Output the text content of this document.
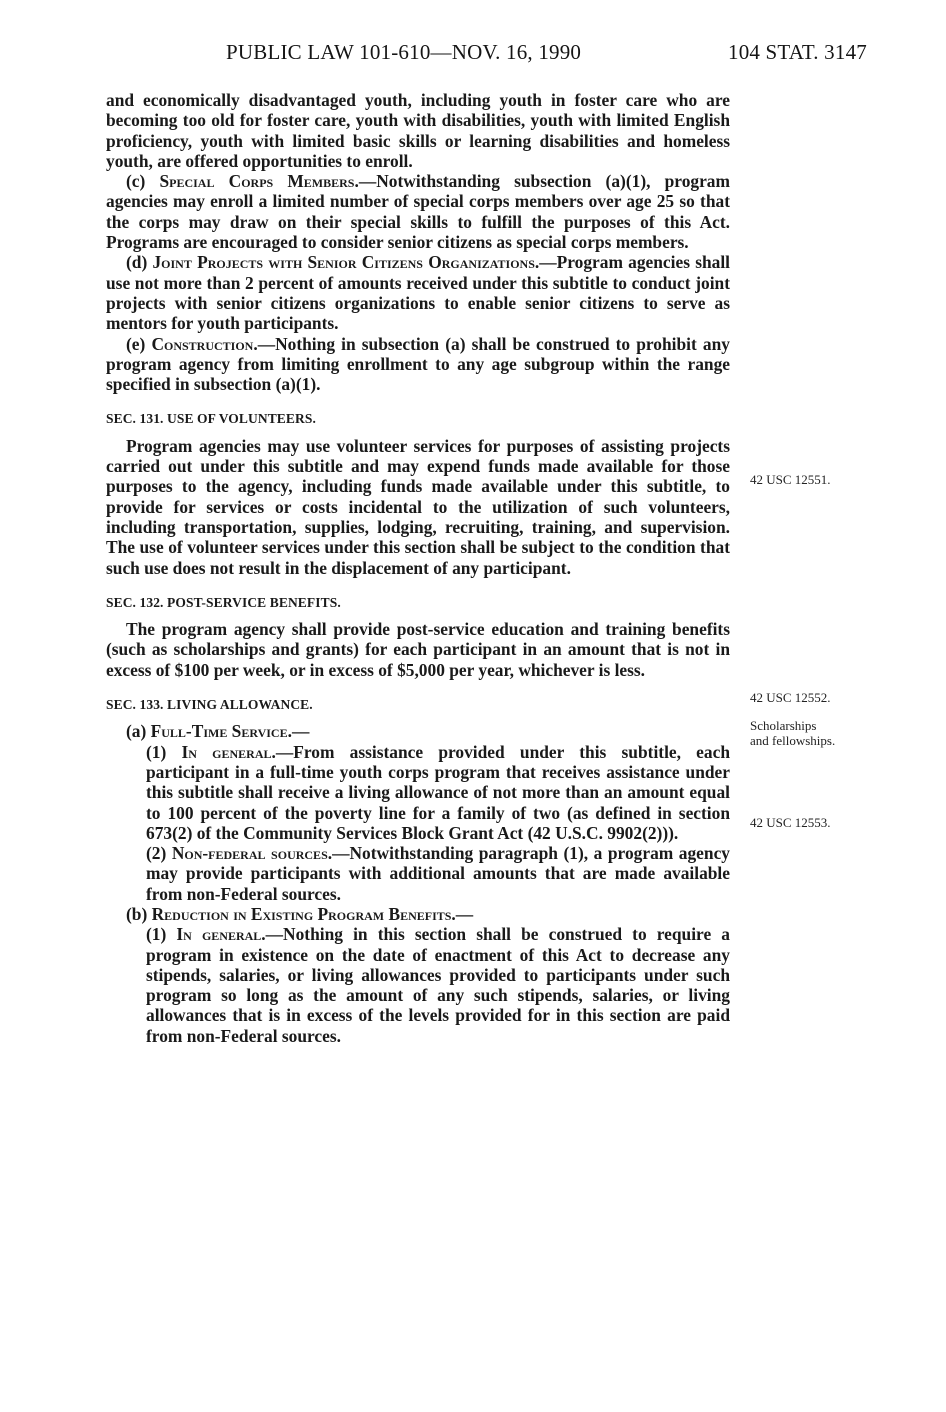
PUBLIC LAW 101-610—NOV. 16, 1990	104 STAT. 3147

and economically disadvantaged youth, including youth in foster care who are becoming too old for foster care, youth with disabilities, youth with limited English proficiency, youth with limited basic skills or learning disabilities and homeless youth, are offered opportunities to enroll.

(c) Special Corps Members.—Notwithstanding subsection (a)(1), program agencies may enroll a limited number of special corps members over age 25 so that the corps may draw on their special skills to fulfill the purposes of this Act. Programs are encouraged to consider senior citizens as special corps members.

(d) Joint Projects with Senior Citizens Organizations.—Program agencies shall use not more than 2 percent of amounts received under this subtitle to conduct joint projects with senior citizens organizations to enable senior citizens to serve as mentors for youth participants.

(e) Construction.—Nothing in subsection (a) shall be construed to prohibit any program agency from limiting enrollment to any age subgroup within the range specified in subsection (a)(1).

SEC. 131. USE OF VOLUNTEERS.

Program agencies may use volunteer services for purposes of assisting projects carried out under this subtitle and may expend funds made available for those purposes to the agency, including funds made available under this subtitle, to provide for services or costs incidental to the utilization of such volunteers, including transportation, supplies, lodging, recruiting, training, and supervision. The use of volunteer services under this section shall be subject to the condition that such use does not result in the displacement of any participant.

SEC. 132. POST-SERVICE BENEFITS.

The program agency shall provide post-service education and training benefits (such as scholarships and grants) for each participant in an amount that is not in excess of $100 per week, or in excess of $5,000 per year, whichever is less.

SEC. 133. LIVING ALLOWANCE.

(a) Full-Time Service.—

(1) In general.—From assistance provided under this subtitle, each participant in a full-time youth corps program that receives assistance under this subtitle shall receive a living allowance of not more than an amount equal to 100 percent of the poverty line for a family of two (as defined in section 673(2) of the Community Services Block Grant Act (42 U.S.C. 9902(2))).

(2) Non-federal sources.—Notwithstanding paragraph (1), a program agency may provide participants with additional amounts that are made available from non-Federal sources.

(b) Reduction in Existing Program Benefits.—

(1) In general.—Nothing in this section shall be construed to require a program in existence on the date of enactment of this Act to decrease any stipends, salaries, or living allowances provided to participants under such program so long as the amount of any such stipends, salaries, or living allowances that is in excess of the levels provided for in this section are paid from non-Federal sources.

42 USC 12551.
42 USC 12552.
Scholarships
and fellowships.
42 USC 12553.
